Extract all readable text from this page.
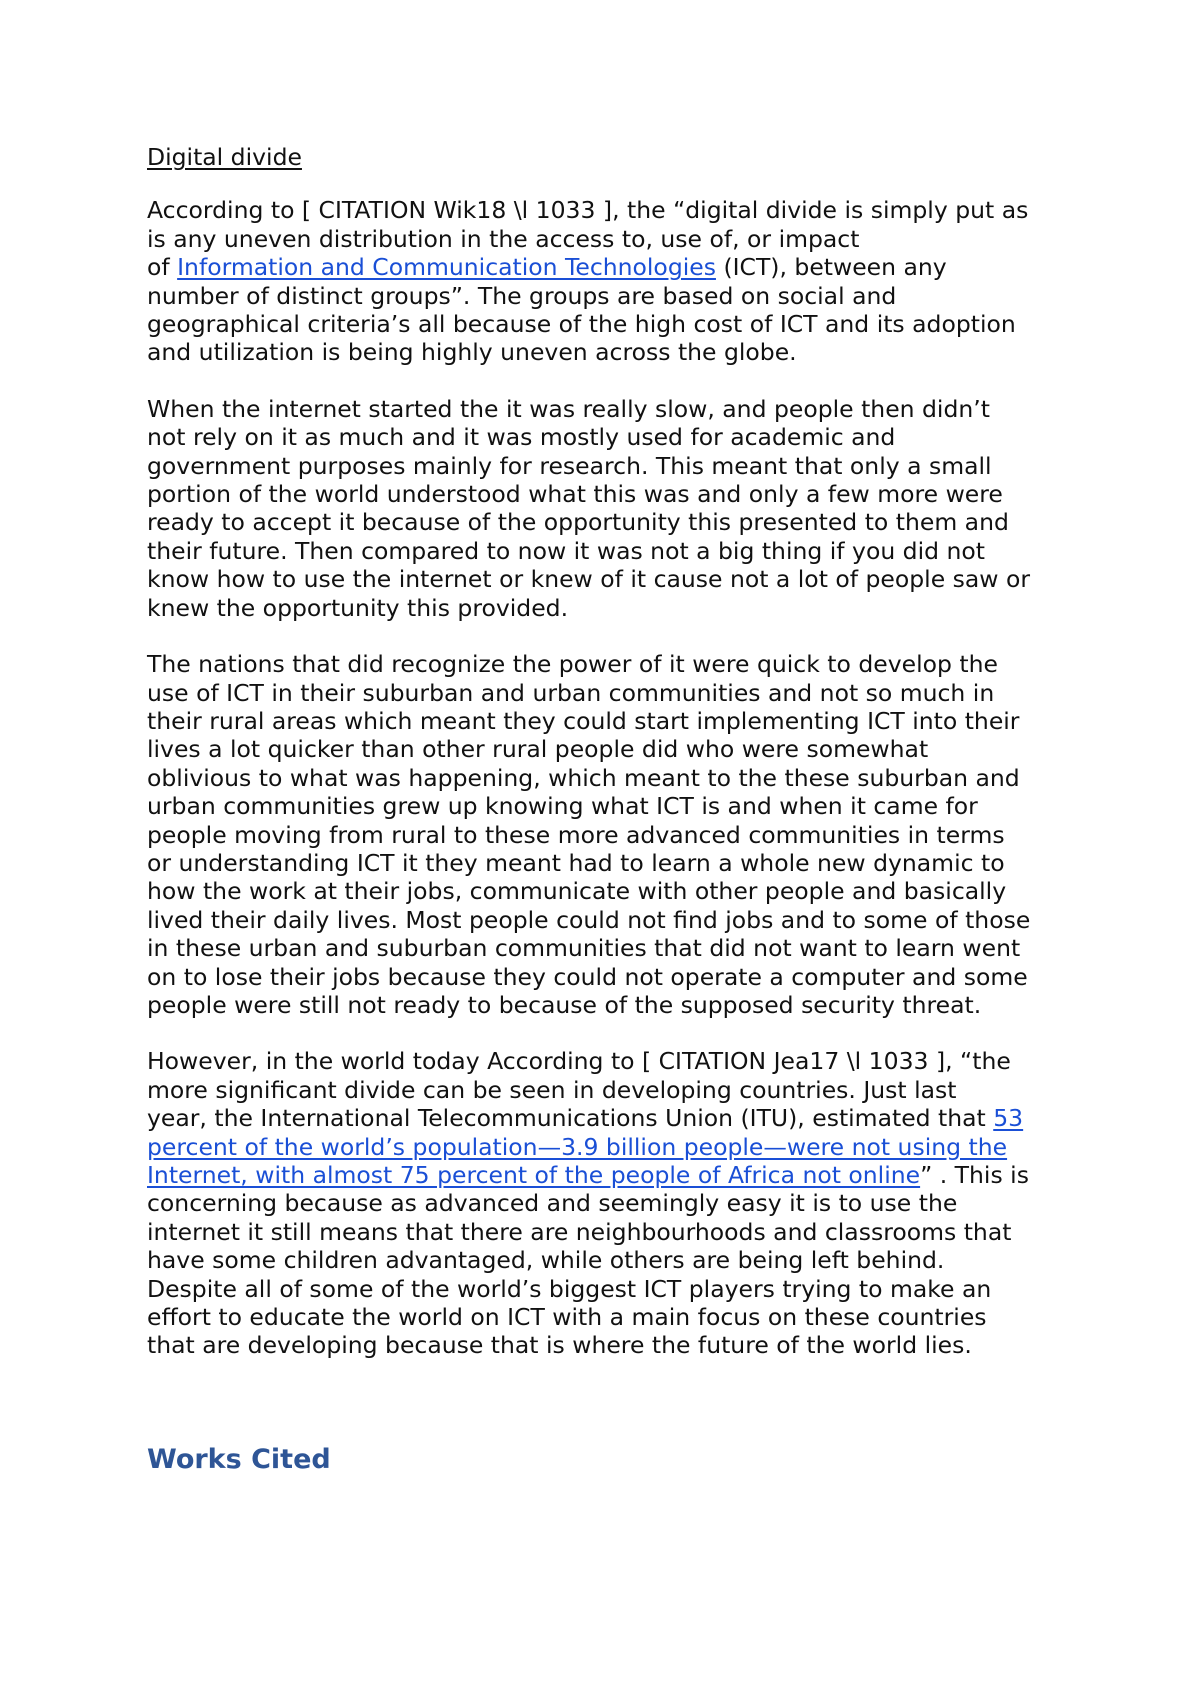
Digital divide

According to [ CITATION Wik18 \l 1033 ], the “digital divide is simply put as
is any uneven distribution in the access to, use of, or impact
of Information and Communication Technologies (ICT), between any
number of distinct groups”. The groups are based on social and
geographical criteria’s all because of the high cost of ICT and its adoption
and utilization is being highly uneven across the globe.

When the internet started the it was really slow, and people then didn’t
not rely on it as much and it was mostly used for academic and
government purposes mainly for research. This meant that only a small
portion of the world understood what this was and only a few more were
ready to accept it because of the opportunity this presented to them and
their future. Then compared to now it was not a big thing if you did not
know how to use the internet or knew of it cause not a lot of people saw or
knew the opportunity this provided.

The nations that did recognize the power of it were quick to develop the
use of ICT in their suburban and urban communities and not so much in
their rural areas which meant they could start implementing ICT into their
lives a lot quicker than other rural people did who were somewhat
oblivious to what was happening, which meant to the these suburban and
urban communities grew up knowing what ICT is and when it came for
people moving from rural to these more advanced communities in terms
or understanding ICT it they meant had to learn a whole new dynamic to
how the work at their jobs, communicate with other people and basically
lived their daily lives. Most people could not find jobs and to some of those
in these urban and suburban communities that did not want to learn went
on to lose their jobs because they could not operate a computer and some
people were still not ready to because of the supposed security threat.

However, in the world today According to [ CITATION Jea17 \l 1033 ], “the
more significant divide can be seen in developing countries. Just last
year, the International Telecommunications Union (ITU), estimated that 53
percent of the world’s population—3.9 billion people—were not using the
Internet, with almost 75 percent of the people of Africa not online” . This is
concerning because as advanced and seemingly easy it is to use the
internet it still means that there are neighbourhoods and classrooms that
have some children advantaged, while others are being left behind.
Despite all of some of the world’s biggest ICT players trying to make an
effort to educate the world on ICT with a main focus on these countries
that are developing because that is where the future of the world lies.

Works Cited
